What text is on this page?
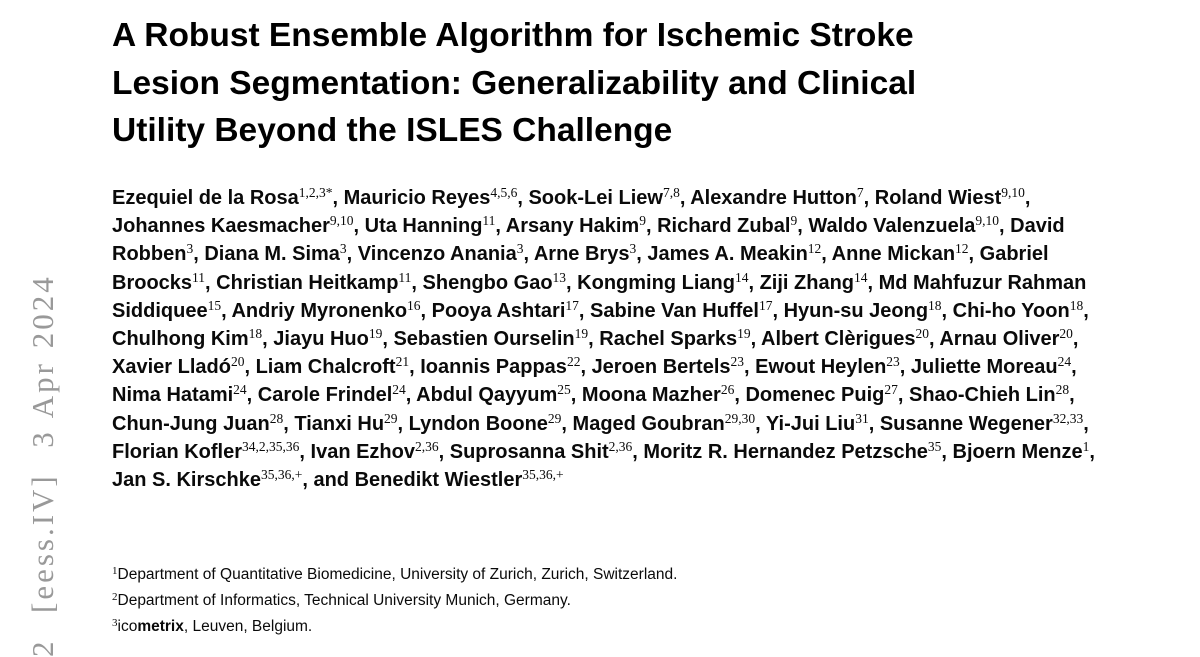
2  [eess.IV]  3 Apr 2024
A Robust Ensemble Algorithm for Ischemic Stroke
Lesion Segmentation: Generalizability and Clinical
Utility Beyond the ISLES Challenge

Ezequiel de la Rosa$^{1,2,3*}$, Mauricio Reyes$^{4,5,6}$, Sook-Lei Liew$^{7,8}$, Alexandre Hutton$^7$, Roland Wiest$^{9,10}$, Johannes Kaesmacher$^{9,10}$, Uta Hanning$^{11}$, Arsany Hakim$^9$, Richard Zubal$^9$, Waldo Valenzuela$^{9,10}$, David Robben$^3$, Diana M. Sima$^3$, Vincenzo Anania$^3$, Arne Brys$^3$, James A. Meakin$^{12}$, Anne Mickan$^{12}$, Gabriel Broocks$^{11}$, Christian Heitkamp$^{11}$, Shengbo Gao$^{13}$, Kongming Liang$^{14}$, Ziji Zhang$^{14}$, Md Mahfuzur Rahman Siddiquee$^{15}$, Andriy Myronenko$^{16}$, Pooya Ashtari$^{17}$, Sabine Van Huffel$^{17}$, Hyun-su Jeong$^{18}$, Chi-ho Yoon$^{18}$, Chulhong Kim$^{18}$, Jiayu Huo$^{19}$, Sebastien Ourselin$^{19}$, Rachel Sparks$^{19}$, Albert Clèrigues$^{20}$, Arnau Oliver$^{20}$, Xavier Lladó$^{20}$, Liam Chalcroft$^{21}$, Ioannis Pappas$^{22}$, Jeroen Bertels$^{23}$, Ewout Heylen$^{23}$, Juliette Moreau$^{24}$, Nima Hatami$^{24}$, Carole Frindel$^{24}$, Abdul Qayyum$^{25}$, Moona Mazher$^{26}$, Domenec Puig$^{27}$, Shao-Chieh Lin$^{28}$, Chun-Jung Juan$^{28}$, Tianxi Hu$^{29}$, Lyndon Boone$^{29}$, Maged Goubran$^{29,30}$, Yi-Jui Liu$^{31}$, Susanne Wegener$^{32,33}$, Florian Kofler$^{34,2,35,36}$, Ivan Ezhov$^{2,36}$, Suprosanna Shit$^{2,36}$, Moritz R. Hernandez Petzsche$^{35}$, Bjoern Menze$^1$, Jan S. Kirschke$^{35,36,+}$, and Benedikt Wiestler$^{35,36,+}$

$^1$Department of Quantitative Biomedicine, University of Zurich, Zurich, Switzerland.
$^2$Department of Informatics, Technical University Munich, Germany.
$^3$icometrix, Leuven, Belgium.
